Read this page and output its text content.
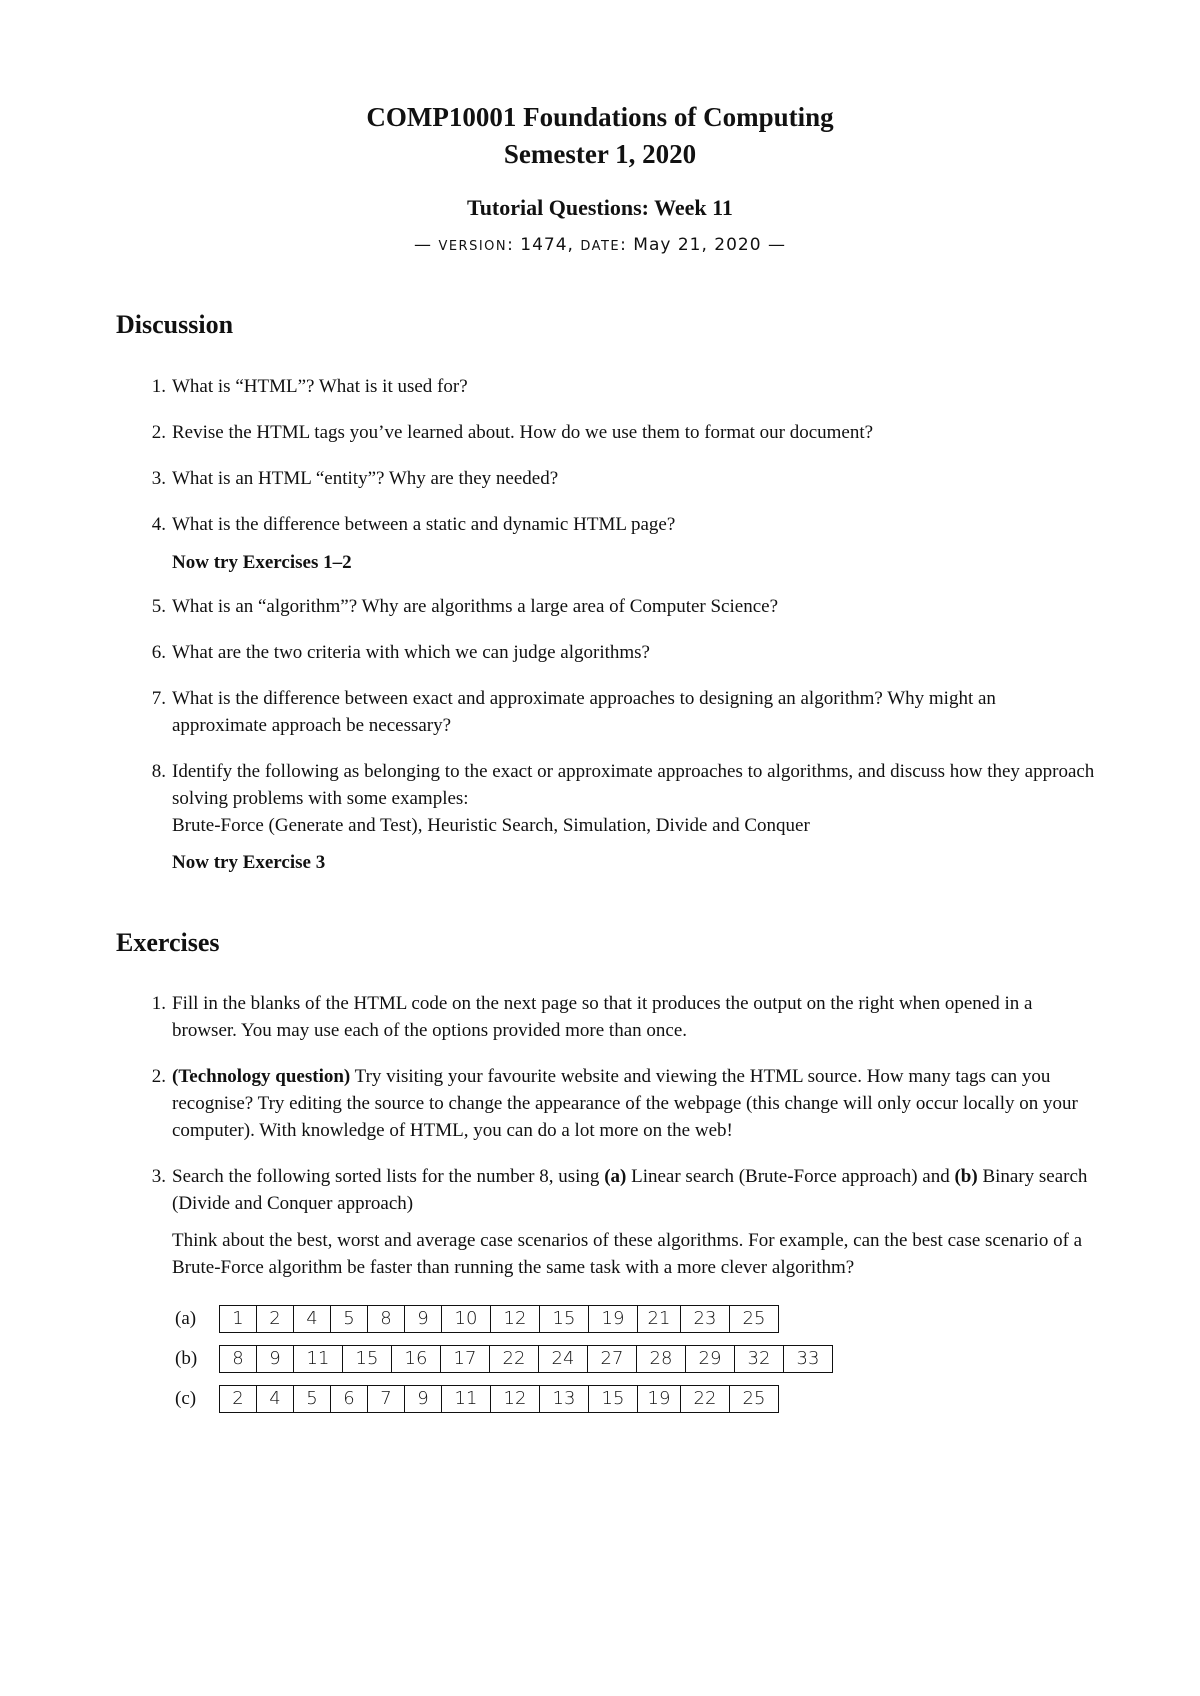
COMP10001 Foundations of Computing
Semester 1, 2020
Tutorial Questions: Week 11
— VERSION: 1474, DATE: May 21, 2020 —
Discussion
1. What is “HTML”? What is it used for?
2. Revise the HTML tags you’ve learned about. How do we use them to format our document?
3. What is an HTML “entity”? Why are they needed?
4. What is the difference between a static and dynamic HTML page?
Now try Exercises 1–2
5. What is an “algorithm”? Why are algorithms a large area of Computer Science?
6. What are the two criteria with which we can judge algorithms?
7. What is the difference between exact and approximate approaches to designing an algorithm? Why might an approximate approach be necessary?
8. Identify the following as belonging to the exact or approximate approaches to algorithms, and discuss how they approach solving problems with some examples:
Brute-Force (Generate and Test), Heuristic Search, Simulation, Divide and Conquer
Now try Exercise 3
Exercises
1. Fill in the blanks of the HTML code on the next page so that it produces the output on the right when opened in a browser. You may use each of the options provided more than once.
2. (Technology question) Try visiting your favourite website and viewing the HTML source. How many tags can you recognise? Try editing the source to change the appearance of the webpage (this change will only occur locally on your computer). With knowledge of HTML, you can do a lot more on the web!
3. Search the following sorted lists for the number 8, using (a) Linear search (Brute-Force approach) and (b) Binary search (Divide and Conquer approach)
Think about the best, worst and average case scenarios of these algorithms. For example, can the best case scenario of a Brute-Force algorithm be faster than running the same task with a more clever algorithm?
(a)	1	2	4	5	8	9	10	12	15	19	21	23	25
(b)	8	9	11	15	16	17	22	24	27	28	29	32	33
(c)	2	4	5	6	7	9	11	12	13	15	19	22	25
